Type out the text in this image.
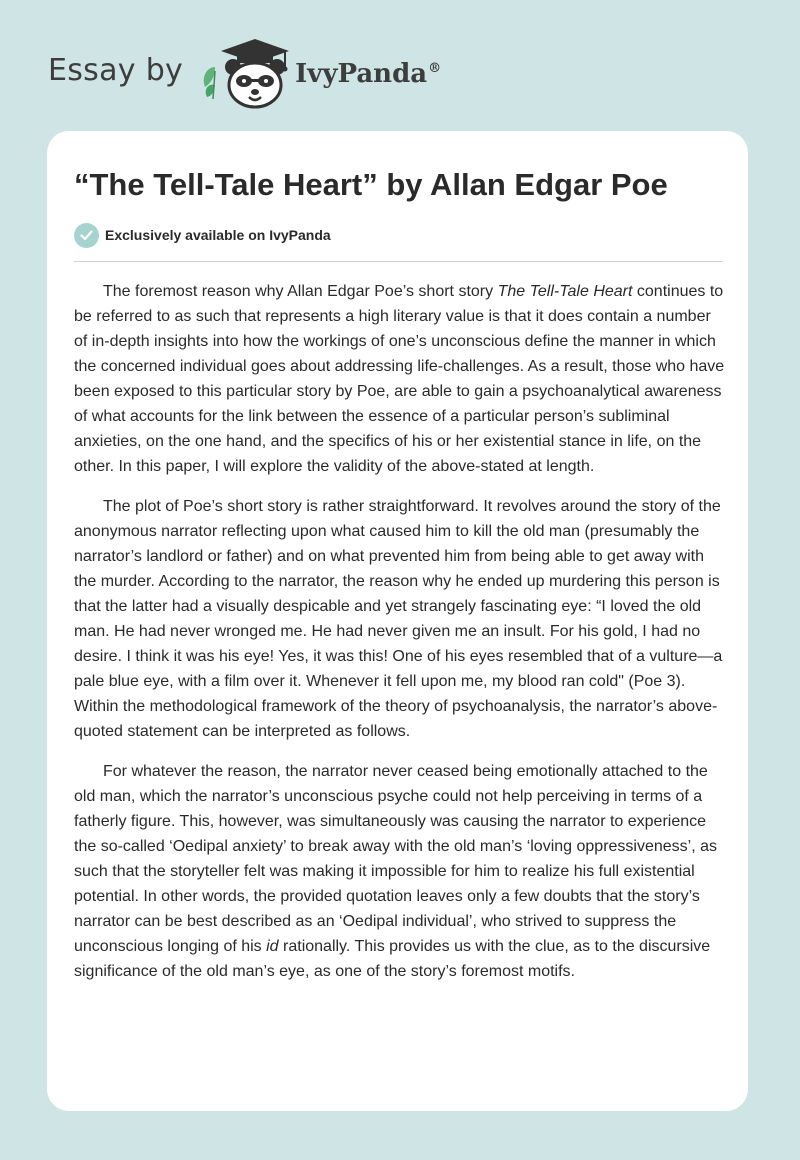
Essay by	IvyPanda®
“The Tell-Tale Heart” by Allan Edgar Poe
Exclusively available on IvyPanda

The foremost reason why Allan Edgar Poe’s short story The Tell-Tale Heart continues to be referred to as such that represents a high literary value is that it does contain a number of in-depth insights into how the workings of one’s unconscious define the manner in which the concerned individual goes about addressing life-challenges. As a result, those who have been exposed to this particular story by Poe, are able to gain a psychoanalytical awareness of what accounts for the link between the essence of a particular person’s subliminal anxieties, on the one hand, and the specifics of his or her existential stance in life, on the other. In this paper, I will explore the validity of the above-stated at length.

The plot of Poe’s short story is rather straightforward. It revolves around the story of the anonymous narrator reflecting upon what caused him to kill the old man (presumably the narrator’s landlord or father) and on what prevented him from being able to get away with the murder. According to the narrator, the reason why he ended up murdering this person is that the latter had a visually despicable and yet strangely fascinating eye: “I loved the old man. He had never wronged me. He had never given me an insult. For his gold, I had no desire. I think it was his eye! Yes, it was this! One of his eyes resembled that of a vulture—a pale blue eye, with a film over it. Whenever it fell upon me, my blood ran cold" (Poe 3). Within the methodological framework of the theory of psychoanalysis, the narrator’s above-quoted statement can be interpreted as follows.

For whatever the reason, the narrator never ceased being emotionally attached to the old man, which the narrator’s unconscious psyche could not help perceiving in terms of a fatherly figure. This, however, was simultaneously was causing the narrator to experience the so-called ‘Oedipal anxiety’ to break away with the old man’s ‘loving oppressiveness’, as such that the storyteller felt was making it impossible for him to realize his full existential potential. In other words, the provided quotation leaves only a few doubts that the story’s narrator can be best described as an ‘Oedipal individual’, who strived to suppress the unconscious longing of his id rationally. This provides us with the clue, as to the discursive significance of the old man’s eye, as one of the story’s foremost motifs.
